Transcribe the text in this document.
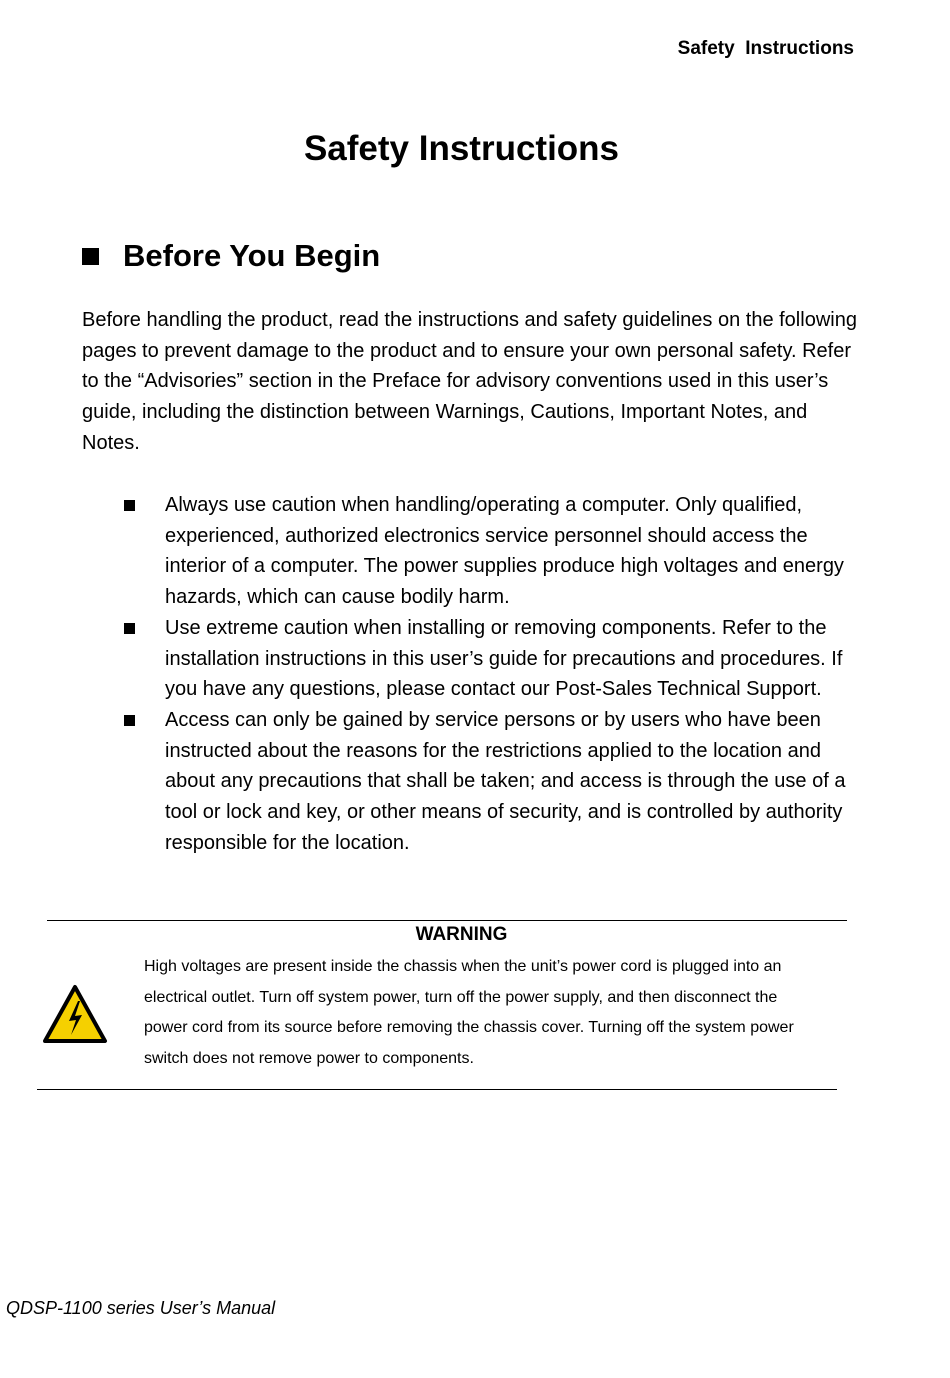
Safety  Instructions
Safety Instructions
Before You Begin

Before handling the product, read the instructions and safety guidelines on the following pages to prevent damage to the product and to ensure your own personal safety. Refer to the “Advisories” section in the Preface for advisory conventions used in this user’s guide, including the distinction between Warnings, Cautions, Important Notes, and Notes.

Always use caution when handling/operating a computer. Only qualified, experienced, authorized electronics service personnel should access the interior of a computer. The power supplies produce high voltages and energy hazards, which can cause bodily harm.
Use extreme caution when installing or removing components. Refer to the installation instructions in this user’s guide for precautions and procedures. If you have any questions, please contact our Post-Sales Technical Support.
Access can only be gained by service persons or by users who have been instructed about the reasons for the restrictions applied to the location and about any precautions that shall be taken; and access is through the use of a tool or lock and key, or other means of security, and is controlled by authority responsible for the location.
WARNING

High voltages are present inside the chassis when the unit’s power cord is plugged into an electrical outlet. Turn off system power, turn off the power supply, and then disconnect the power cord from its source before removing the chassis cover. Turning off the system power switch does not remove power to components.

QDSP-1100 series User’s Manual
